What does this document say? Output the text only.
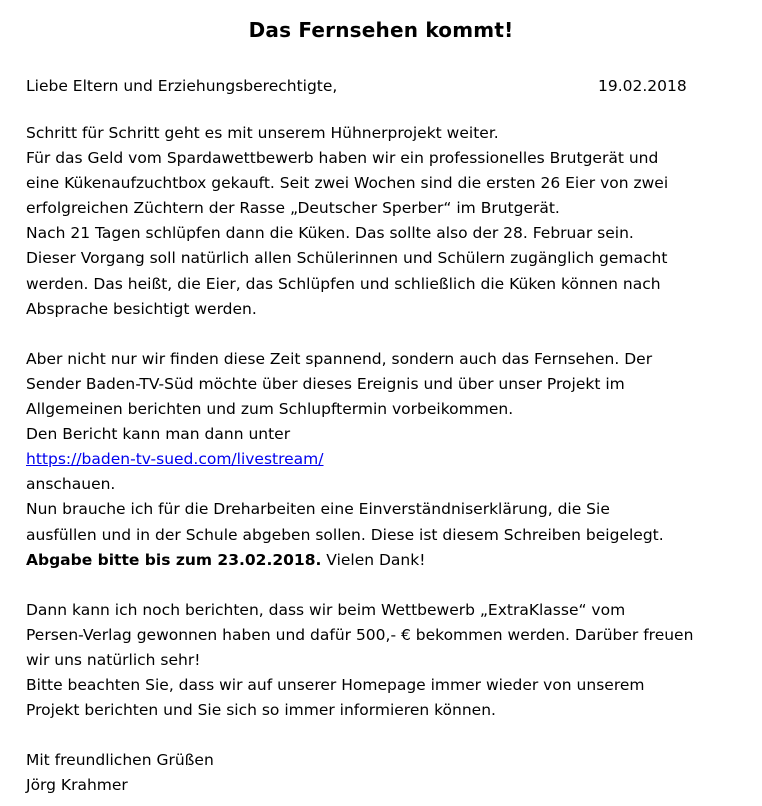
Das Fernsehen kommt!
Liebe Eltern und Erziehungsberechtigte,	19.02.2018
Schritt für Schritt geht es mit unserem Hühnerprojekt weiter.
Für das Geld vom Spardawettbewerb haben wir ein professionelles Brutgerät und
eine Kükenaufzuchtbox gekauft. Seit zwei Wochen sind die ersten 26 Eier von zwei
erfolgreichen Züchtern der Rasse „Deutscher Sperber“ im Brutgerät.
Nach 21 Tagen schlüpfen dann die Küken. Das sollte also der 28. Februar sein.
Dieser Vorgang soll natürlich allen Schülerinnen und Schülern zugänglich gemacht
werden. Das heißt, die Eier, das Schlüpfen und schließlich die Küken können nach
Absprache besichtigt werden.
Aber nicht nur wir finden diese Zeit spannend, sondern auch das Fernsehen. Der
Sender Baden-TV-Süd möchte über dieses Ereignis und über unser Projekt im
Allgemeinen berichten und zum Schlupftermin vorbeikommen.
Den Bericht kann man dann unter
https://baden-tv-sued.com/livestream/
anschauen.
Nun brauche ich für die Dreharbeiten eine Einverständniserklärung, die Sie
ausfüllen und in der Schule abgeben sollen. Diese ist diesem Schreiben beigelegt.
Abgabe bitte bis zum 23.02.2018. Vielen Dank!
Dann kann ich noch berichten, dass wir beim Wettbewerb „ExtraKlasse“ vom
Persen-Verlag gewonnen haben und dafür 500,- € bekommen werden. Darüber freuen
wir uns natürlich sehr!
Bitte beachten Sie, dass wir auf unserer Homepage immer wieder von unserem
Projekt berichten und Sie sich so immer informieren können.
Mit freundlichen Grüßen
Jörg Krahmer
